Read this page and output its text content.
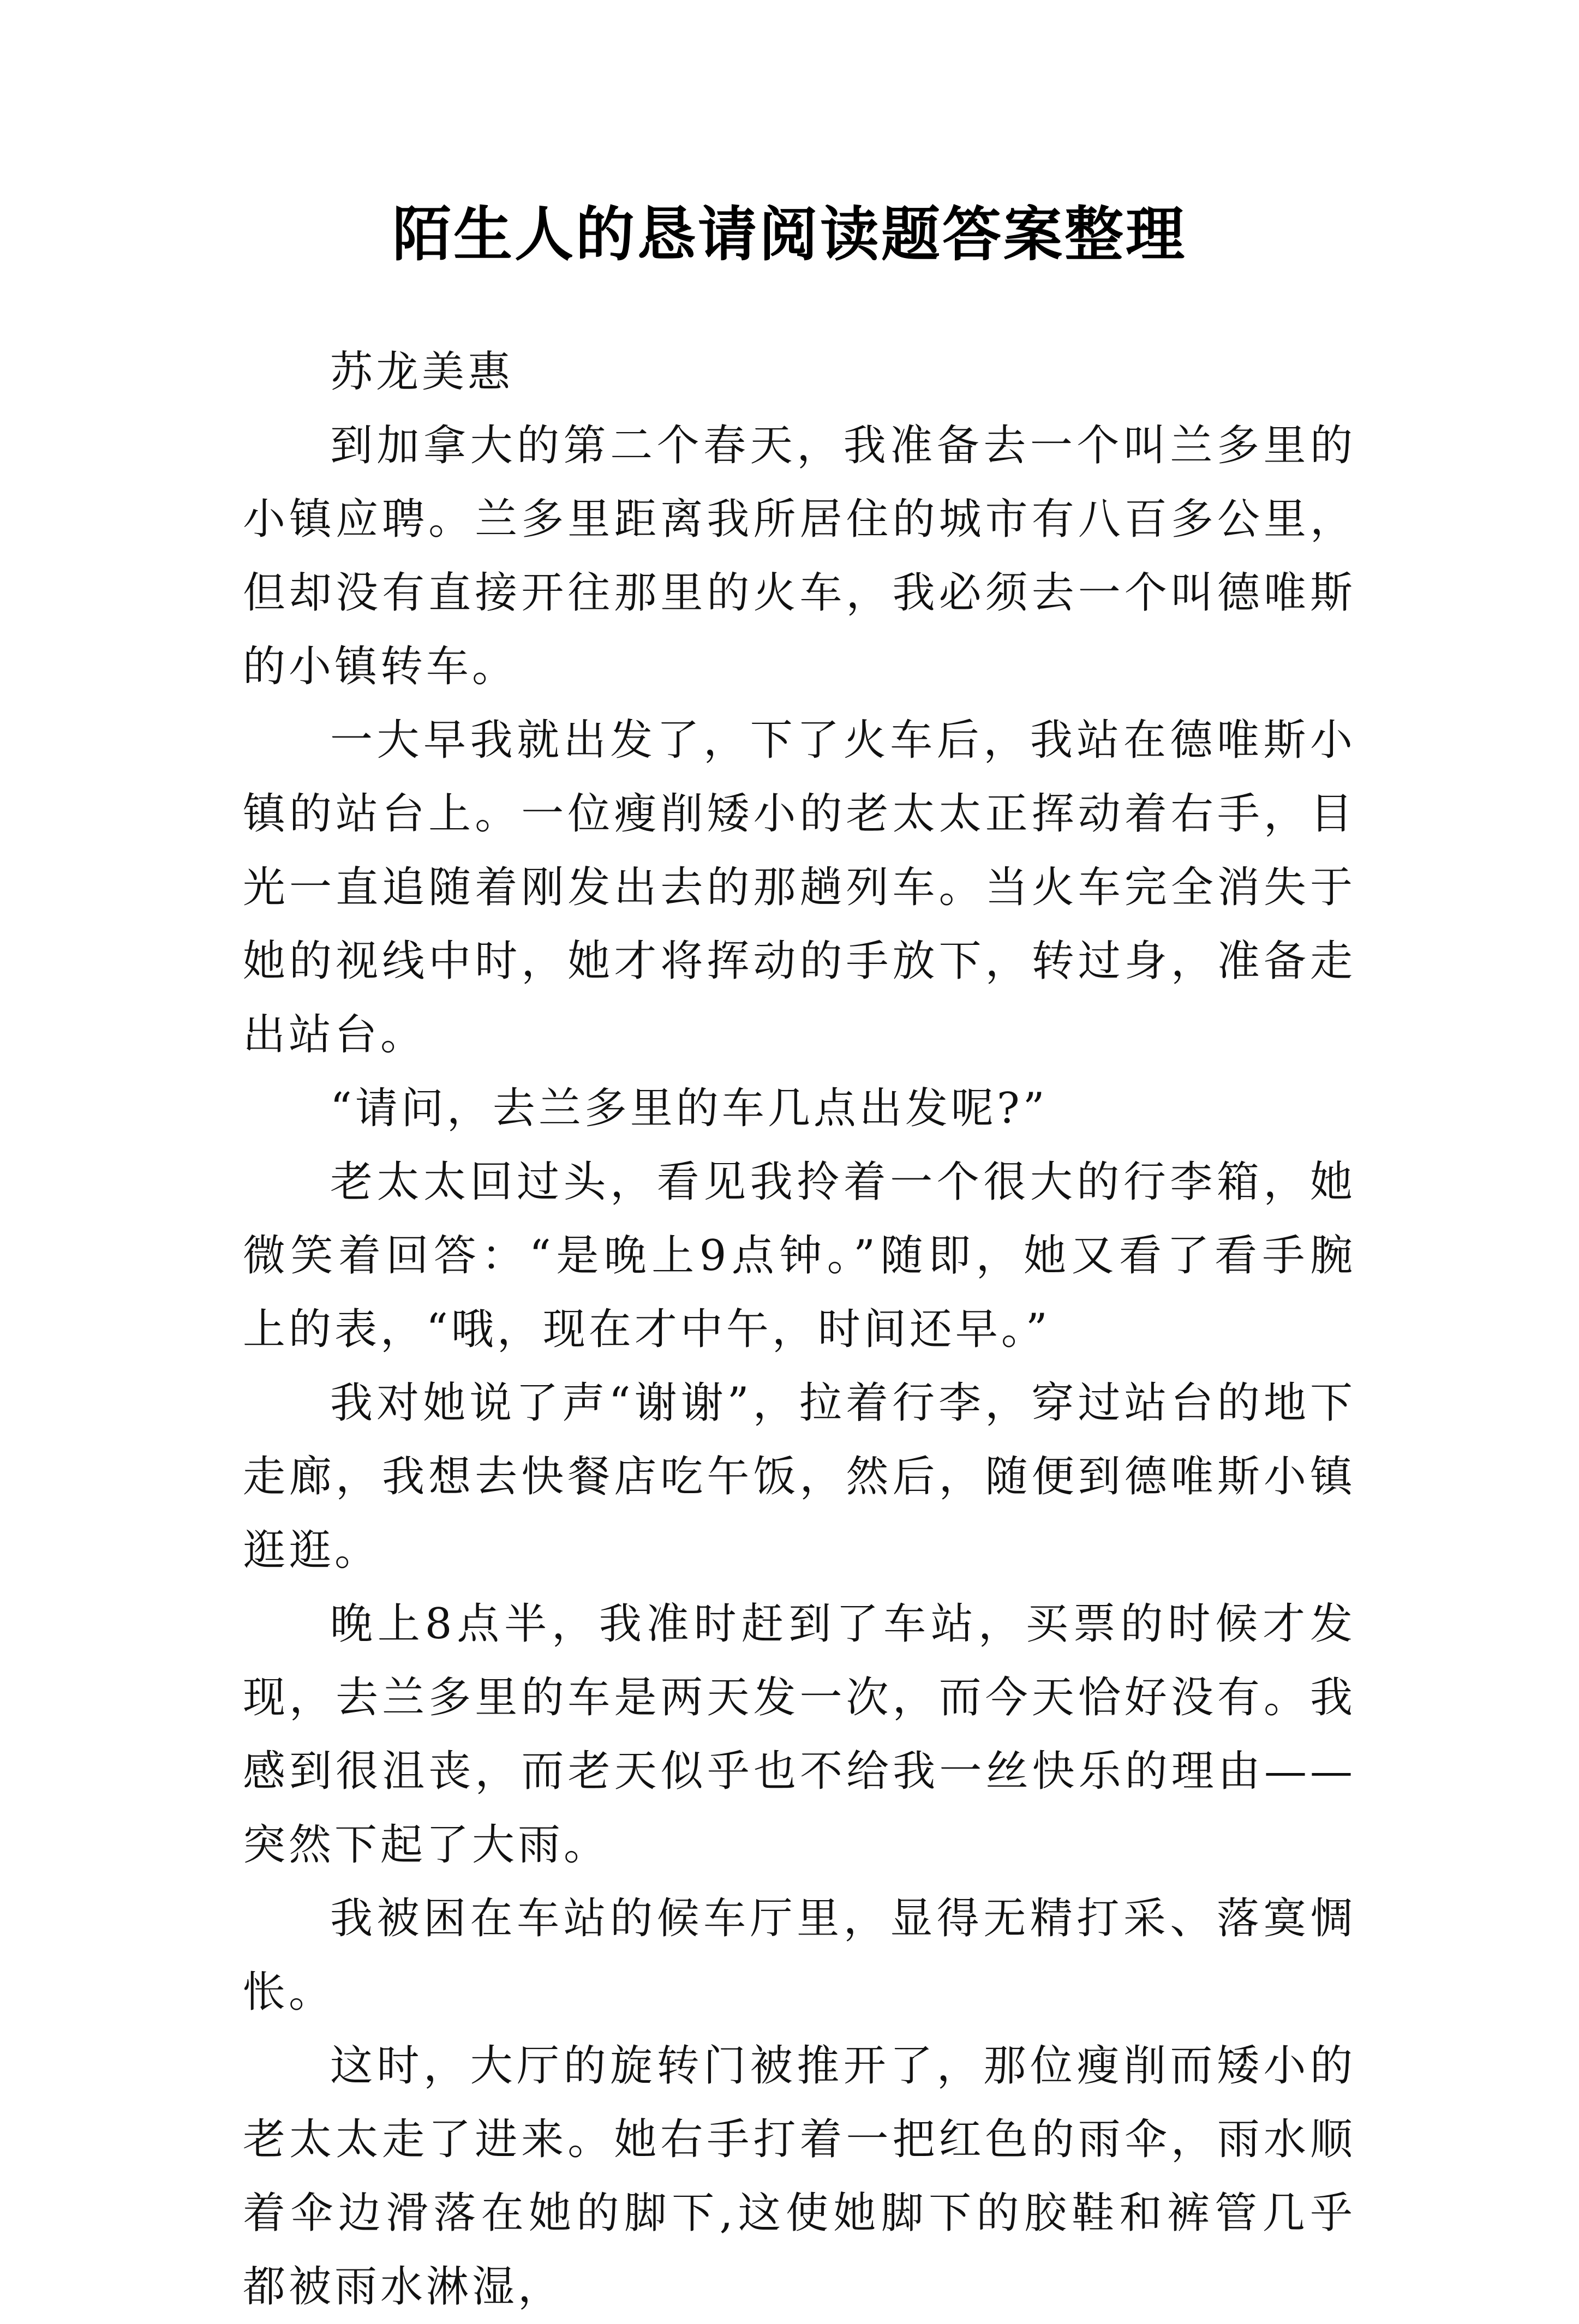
陌生人的恳请阅读题答案整理

苏龙美惠

到加拿大的第二个春天，我准备去一个叫兰多里的小镇应聘。兰多里距离我所居住的城市有八百多公里，但却没有直接开往那里的火车，我必须去一个叫德唯斯的小镇转车。

一大早我就出发了，下了火车后，我站在德唯斯小镇的站台上。一位瘦削矮小的老太太正挥动着右手，目光一直追随着刚发出去的那趟列车。当火车完全消失于她的视线中时，她才将挥动的手放下，转过身，准备走出站台。

“请问，去兰多里的车几点出发呢?”

老太太回过头，看见我拎着一个很大的行李箱，她微笑着回答：“是晚上9点钟。”随即，她又看了看手腕上的表，“哦，现在才中午，时间还早。”

我对她说了声“谢谢”，拉着行李，穿过站台的地下走廊，我想去快餐店吃午饭，然后，随便到德唯斯小镇逛逛。

晚上8点半，我准时赶到了车站，买票的时候才发现，去兰多里的车是两天发一次，而今天恰好没有。我感到很沮丧，而老天似乎也不给我一丝快乐的理由——突然下起了大雨。

我被困在车站的候车厅里，显得无精打采、落寞惆怅。

这时，大厅的旋转门被推开了，那位瘦削而矮小的老太太走了进来。她右手打着一把红色的雨伞，雨水顺着伞边滑落在她的脚下,这使她脚下的胶鞋和裤管几乎都被雨水淋湿，
